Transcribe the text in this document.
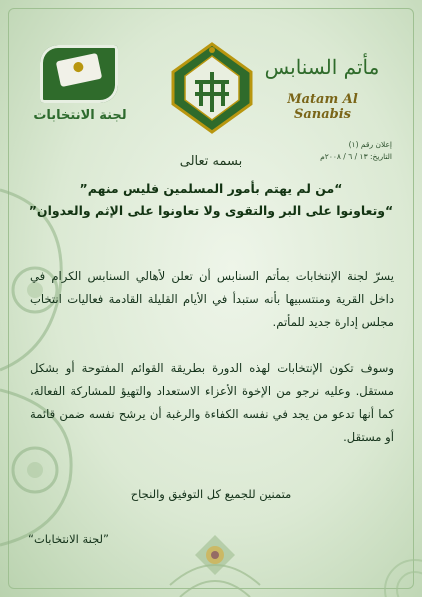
لجنة الانتخابات
مأتم السنابس
Matam Al Sanabis
إعلان رقم (١)
التاريخ: ١٣ / ٦ / ٢٠٠٨م
بسمه تعالى
“من لم يهتم بأمور المسلمين فليس منهم”
“وتعاونوا على البر والتقوى ولا تعاونوا على الإثم والعدوان”
يسرّ لجنة الإنتخابات بمأتم السنابس أن تعلن لأهالي السنابس الكرام في داخل القرية ومنتسبيها بأنه ستبدأ في الأيام القليلة القادمة فعاليات انتخاب مجلس إدارة جديد للمأتم.
وسوف تكون الإنتخابات لهذه الدورة بطريقة القوائم المفتوحة أو بشكل مستقل. وعليه نرجو من الإخوة الأعزاء الاستعداد والتهيؤ للمشاركة الفعالة، كما أنها تدعو من يجد في نفسه الكفاءة والرغبة أن يرشح نفسه ضمن قائمة أو مستقل.
متمنين للجميع كل التوفيق والنجاح
”لجنة الانتخابات“
